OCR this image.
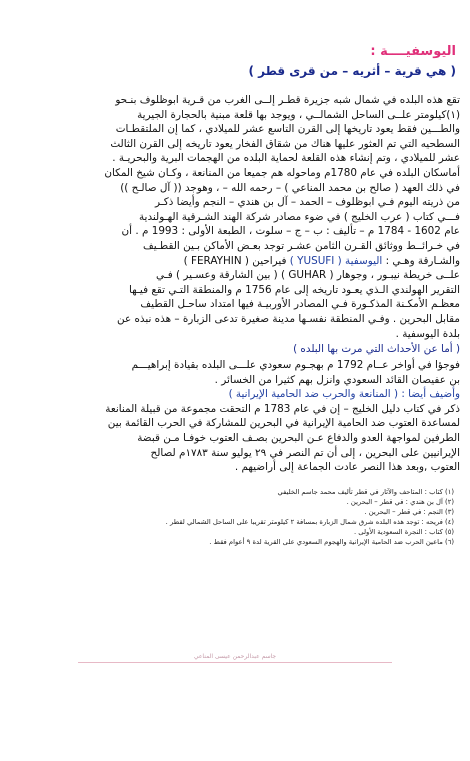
اليوسفيــــة :
( هي قرية – أثريه – من قرى قطر )
تقع هذه البلده في شمال شبه جزيرة قطـر إلــى الغرب من قـرية ابوظلوف بنـحو
(١)كيلومتر علــى الساحل الشمالــي ، ويوجد بها قلعة مبنية بالحجارة الجيرية
والطـــين فقط يعود تاريخها إلى القرن التاسع عشر للميلادي ، كما إن الملتقطـات
السطحيه التي تم العثور عليها هناك من شقاق الفخار يعود تاريخه إلى القرن الثالث
عشر للميلادي ، وتم إنشاء هذه القلعة لحماية البلده من الهجمات البرية والبحريـة .
أماسكان البلده في عام 1780م وماحوله هم جميعا من المنانعة ، وكـان شيخ المكان
في ذلك العهد ( صالح بن محمد المناعي ) – رحمه الله – ، وهوجد (( آل صالـح ))
من ذريته اليوم فـي ابوظلوف – الحمد – آل بن هندي – النجم وأيضا ذكـر
فـــي كتاب ( عرب الخليج ) في ضوء مصادر شركة الهند الشـرقية الهـولندية
عام 1602 - 1784 م – تأليف : ب – ج – سلوت ، الطبعة الأولى : 1993 م . أن
في خـرائــط ووثائق القـرن الثامن عشـر توجد بعـض الأماكن بـين القطـيف
والشـارقة وهـي : اليوسفية ( YUSUFI ) فيراحين ( FERAYHIN )
علــى خريطة نيبـور ، وجوهار ( GUHAR ) ( بين الشارقة وعسـير ) فـي
التقرير الهولندي الـذي يعـود تاريخه إلى عام 1756 م والمنطقة التـي تقع فيـها
معظـم الأمكـنة المذكـورة فـي المصادر الأوربيـة فيها امتداد ساحـل القطيف
مقابل البحرين . وفـي المنطقة نفسـها مدينة صغيرة تدعى الزبارة – هذه نبذه عن
بلدة اليوسفية .
( أما عن الأحداث التي مرت بها البلده )
فوجؤا في أواخر عــام 1792 م بهجـوم سعودي علـــى البلده بقيادة إبراهيـــم
بن عفيصان القائد السعودي وانزل بهم كثيرا من الخسائر .
وأضيف أيضا : ( المنانعة والحرب ضد الحامية الإيرانية )
ذكر في كتاب دليل الخليج – إن في عام 1783 م التحقت مجموعة من قبيلة المنانعة
لمساعدة العتوب ضد الحامية الإيرانية في البحرين للمشاركة في الحرب القائمة بين
الطرفين لمواجهة العدو والدفاع عـن البحرين بصـف العتوب خوفـا مـن قبضة
الإيرانيين على البحرين ، إلى أن تم النصر في ٢٩ يوليو سنة ١٧٨٣م لصالح
العتوب ,وبعد هذا النصر عادت الجماعة إلى أراضيهم .
(١) كتاب : المتاحف والآثار في قطر تأليف محمد جاسم الخليفي
(٢) آل بن هندي : في قطر – البحرين .
(٣) النجم : في قطر – البحرين .
(٤) فريحه : توجد هذه البلده شرق شمال الزبارة بمسافة ٢ كيلومتر تقريبا على الساحل الشمالي لقطر .
(٥) كتاب : النجرة السعودية الأولى .
(٦) ماعين الحرب ضد الحامية الإيرانية والهجوم السعودي على القرية لدة ٩ أعوام فقط .
جاسم عبدالرحمن عيسى المناعي
